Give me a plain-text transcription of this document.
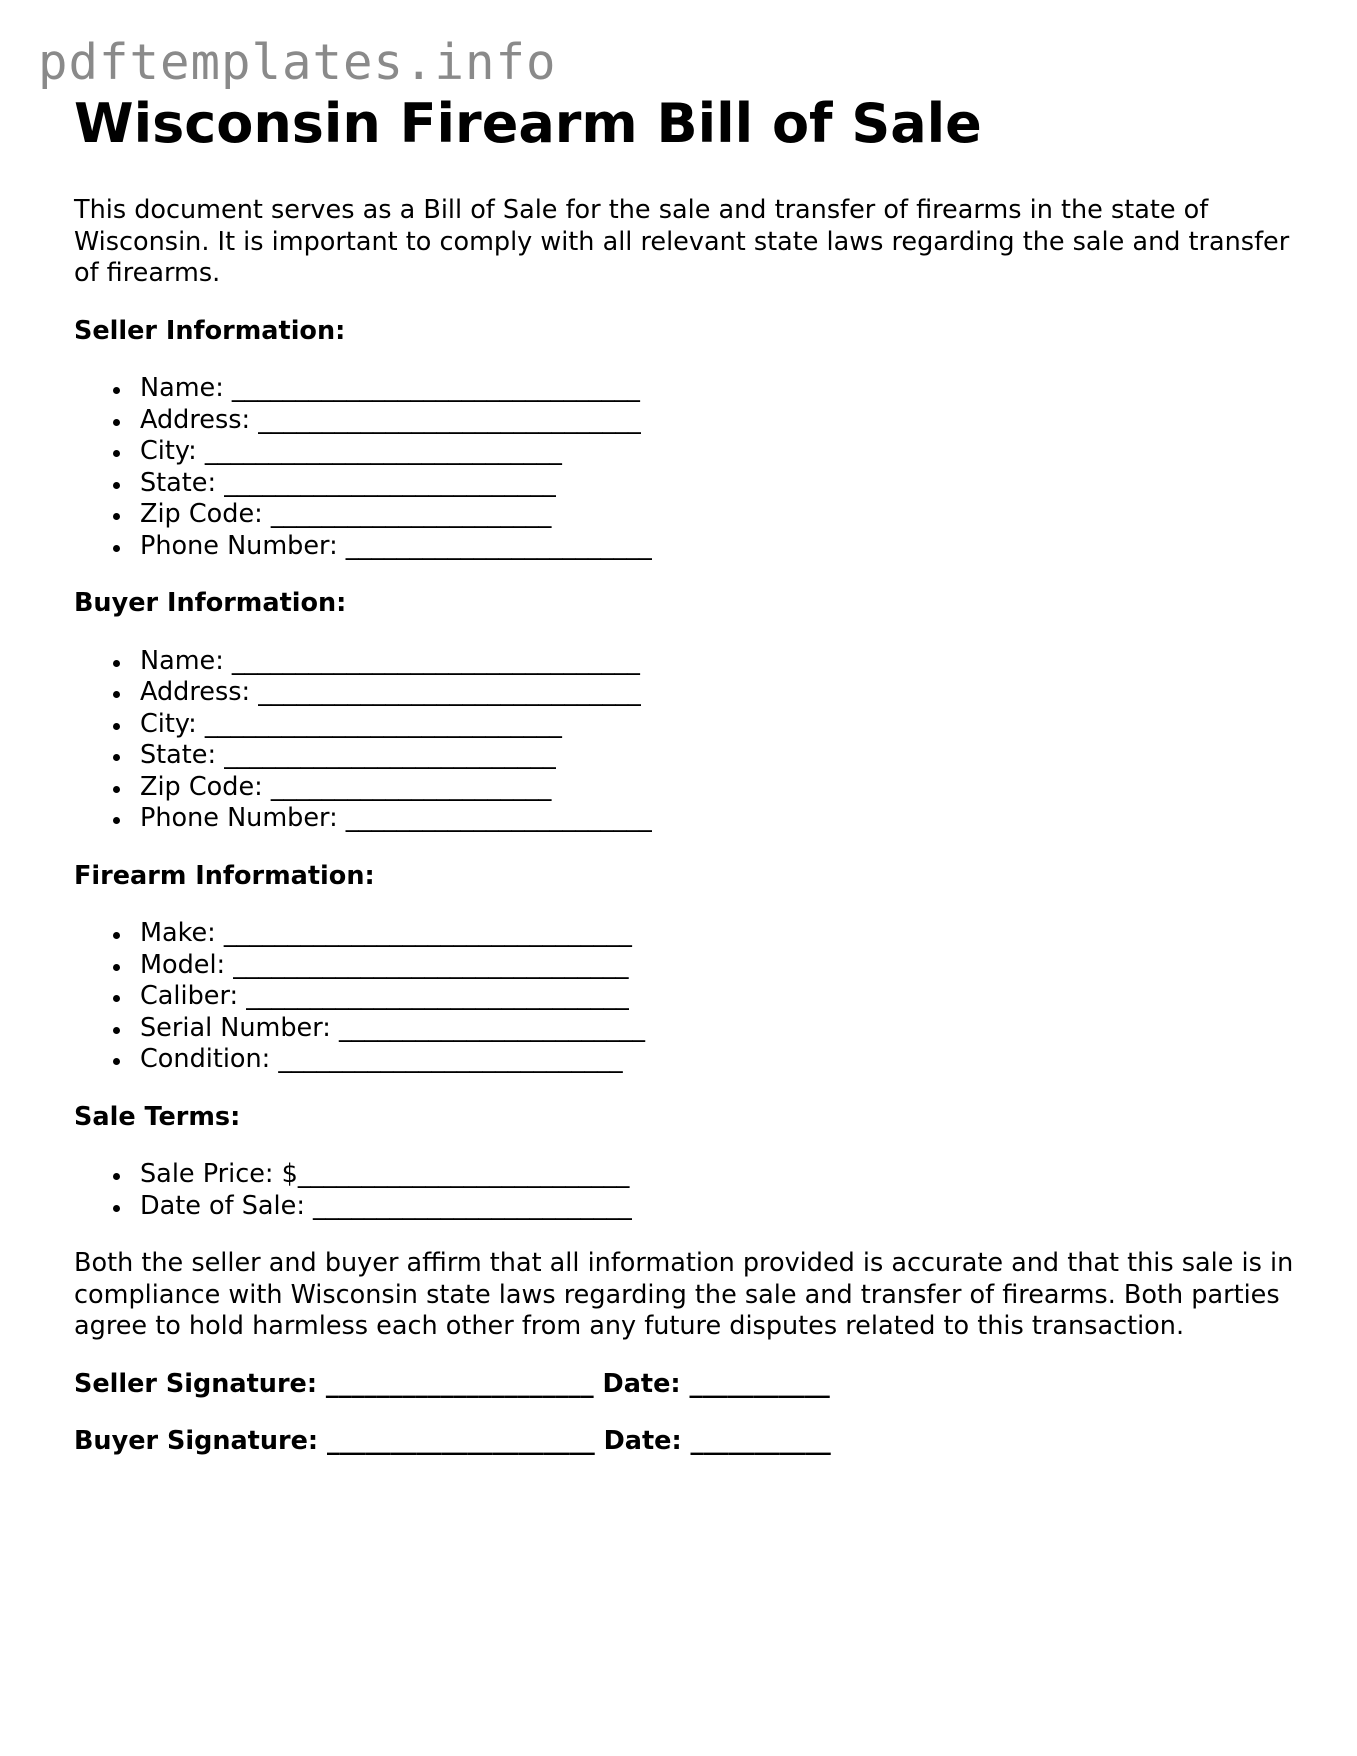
pdftemplates.info
Wisconsin Firearm Bill of Sale

This document serves as a Bill of Sale for the sale and transfer of firearms in the state of Wisconsin. It is important to comply with all relevant state laws regarding the sale and transfer of firearms.

Seller Information:
Name: ________________________________
Address: ______________________________
City: ____________________________
State: __________________________
Zip Code: ______________________
Phone Number: ________________________
Buyer Information:
Name: ________________________________
Address: ______________________________
City: ____________________________
State: __________________________
Zip Code: ______________________
Phone Number: ________________________
Firearm Information:
Make: ________________________________
Model: _______________________________
Caliber: ______________________________
Serial Number: ________________________
Condition: ___________________________
Sale Terms:
Sale Price: $__________________________
Date of Sale: _________________________

Both the seller and buyer affirm that all information provided is accurate and that this sale is in compliance with Wisconsin state laws regarding the sale and transfer of firearms. Both parties agree to hold harmless each other from any future disputes related to this transaction.

Seller Signature: _____________________ Date: ___________
Buyer Signature: _____________________ Date: ___________
